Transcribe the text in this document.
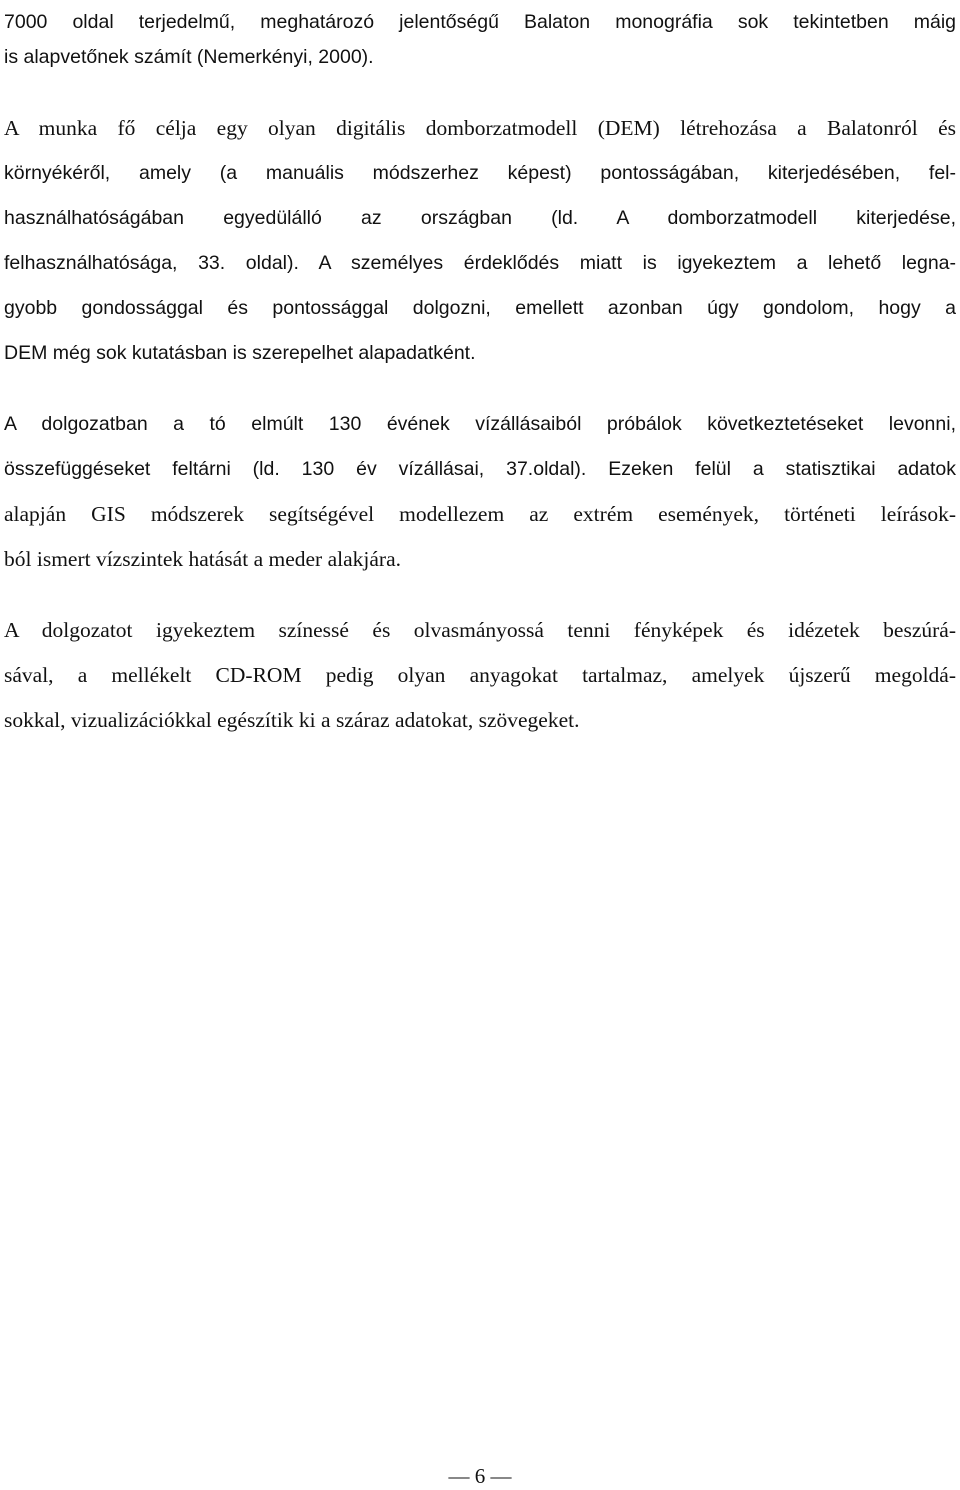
7000 oldal terjedelmű, meghatározó jelentőségű Balaton monográfia sok tekintetben máig
is alapvetőnek számít (Nemerkényi, 2000).
A munka fő célja egy olyan digitális domborzatmodell (DEM) létrehozása a Balatonról és
környékéről, amely (a manuális módszerhez képest) pontosságában, kiterjedésében, fel-
használhatóságában egyedülálló az országban (ld. A domborzatmodell kiterjedése,
felhasználhatósága, 33. oldal). A személyes érdeklődés miatt is igyekeztem a lehető legna-
gyobb gondossággal és pontossággal dolgozni, emellett azonban úgy gondolom, hogy a
DEM még sok kutatásban is szerepelhet alapadatként.
A dolgozatban a tó elmúlt 130 évének vízállásaiból próbálok következtetéseket levonni,
összefüggéseket feltárni (ld. 130 év vízállásai, 37.oldal). Ezeken felül a statisztikai adatok
alapján GIS módszerek segítségével modellezem az extrém események, történeti leírások-
ból ismert vízszintek hatását a meder alakjára.
A dolgozatot igyekeztem színessé és olvasmányossá tenni fényképek és idézetek beszúrá-
sával, a mellékelt CD-ROM pedig olyan anyagokat tartalmaz, amelyek újszerű megoldá-
sokkal, vizualizációkkal egészítik ki a száraz adatokat, szövegeket.
— 6 —
